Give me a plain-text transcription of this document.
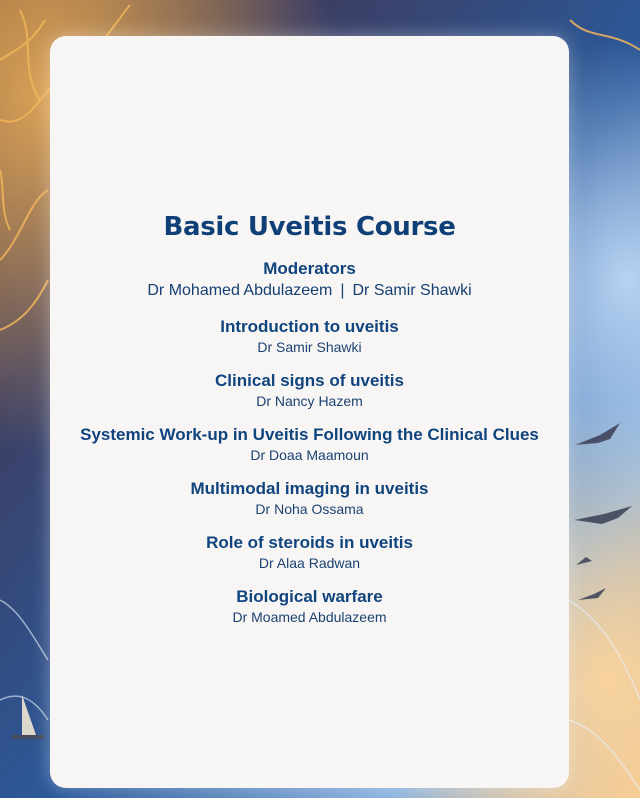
Basic Uveitis Course

Moderators

Dr Mohamed Abdulazeem | Dr Samir Shawki

Introduction to uveitis

Dr Samir Shawki

Clinical signs of uveitis

Dr Nancy Hazem

Systemic Work-up in Uveitis Following the Clinical Clues

Dr Doaa Maamoun

Multimodal imaging in uveitis

Dr Noha Ossama

Role of steroids in uveitis

Dr Alaa Radwan

Biological warfare

Dr Moamed Abdulazeem
